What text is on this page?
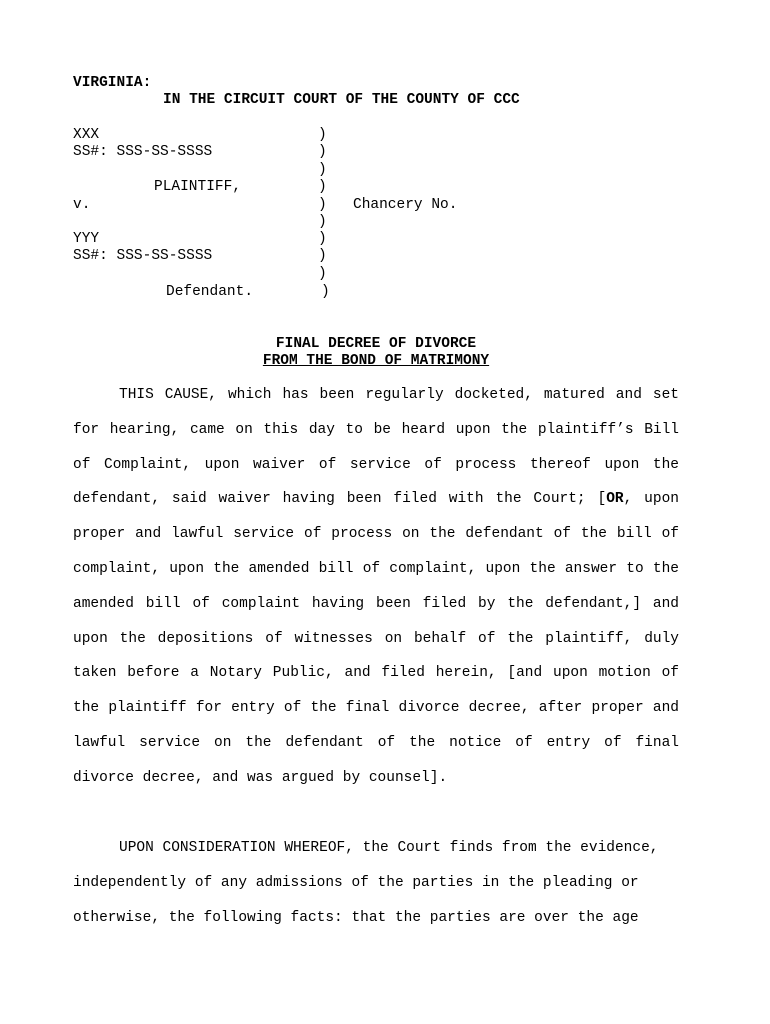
VIRGINIA:
IN THE CIRCUIT COURT OF THE COUNTY OF CCC
XXX
SS#: SSS-SS-SSSS
PLAINTIFF,
v.
YYY
SS#: SSS-SS-SSSS
Defendant.
)
)
)
)
)
)
)
)
)
)
Chancery No.
FINAL DECREE OF DIVORCE
FROM THE BOND OF MATRIMONY

THIS CAUSE, which has been regularly docketed, matured and set for hearing, came on this day to be heard upon the plaintiff’s Bill of Complaint, upon waiver of service of process thereof upon the defendant, said waiver having been filed with the Court; [OR, upon proper and lawful service of process on the defendant of the bill of complaint, upon the amended bill of complaint, upon the answer to the amended bill of complaint having been filed by the defendant,] and upon the depositions of witnesses on behalf of the plaintiff, duly taken before a Notary Public, and filed herein, [and upon motion of the plaintiff for entry of the final divorce decree, after proper and lawful service on the defendant of the notice of entry of final divorce decree, and was argued by counsel].

UPON CONSIDERATION WHEREOF, the Court finds from the evidence,
independently of any admissions of the parties in the pleading or
otherwise, the following facts: that the parties are over the age
